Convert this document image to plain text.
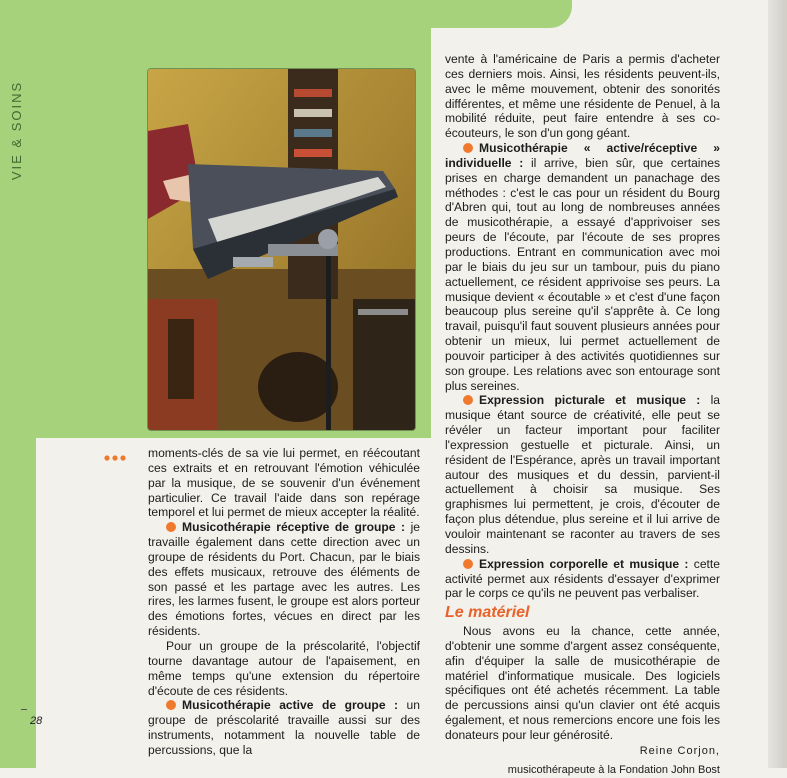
VIE & SOINS

moments-clés de sa vie lui permet, en réécoutant ces extraits et en retrouvant l'émotion véhiculée par la musique, de se souvenir d'un événement particulier. Ce travail l'aide dans son repérage temporel et lui permet de mieux accepter la réalité.

Musicothérapie réceptive de groupe : je travaille également dans cette direction avec un groupe de résidents du Port. Chacun, par le biais des effets musicaux, retrouve des éléments de son passé et les partage avec les autres. Les rires, les larmes fusent, le groupe est alors porteur des émotions fortes, vécues en direct par les résidents.

Pour un groupe de la préscolarité, l'objectif tourne davantage autour de l'apaisement, en même temps qu'une extension du répertoire d'écoute de ces résidents.

Musicothérapie active de groupe : un groupe de préscolarité travaille aussi sur des instruments, notamment la nouvelle table de percussions, que la

vente à l'américaine de Paris a permis d'acheter ces derniers mois. Ainsi, les résidents peuvent-ils, avec le même mouvement, obtenir des sonorités différentes, et même une résidente de Penuel, à la mobilité réduite, peut faire entendre à ses co-écouteurs, le son d'un gong géant.

Musicothérapie « active/réceptive » individuelle : il arrive, bien sûr, que certaines prises en charge demandent un panachage des méthodes : c'est le cas pour un résident du Bourg d'Abren qui, tout au long de nombreuses années de musicothérapie, a essayé d'apprivoiser ses peurs de l'écoute, par l'écoute de ses propres productions. Entrant en communication avec moi par le biais du jeu sur un tambour, puis du piano actuellement, ce résident apprivoise ses peurs. La musique devient « écoutable » et c'est d'une façon beaucoup plus sereine qu'il s'apprête à. Ce long travail, puisqu'il faut souvent plusieurs années pour obtenir un mieux, lui permet actuellement de pouvoir participer à des activités quotidiennes sur son groupe. Les relations avec son entourage sont plus sereines.

Expression picturale et musique : la musique étant source de créativité, elle peut se révéler un facteur important pour faciliter l'expression gestuelle et picturale. Ainsi, un résident de l'Espérance, après un travail important autour des musiques et du dessin, parvient-il actuellement à choisir sa musique. Ses graphismes lui permettent, je crois, d'écouter de façon plus détendue, plus sereine et il lui arrive de vouloir maintenant se raconter au travers de ses dessins.

Expression corporelle et musique : cette activité permet aux résidents d'essayer d'exprimer par le corps ce qu'ils ne peuvent pas verbaliser.

Le matériel

Nous avons eu la chance, cette année, d'obtenir une somme d'argent assez conséquente, afin d'équiper la salle de musicothérapie de matériel d'informatique musicale. Des logiciels spécifiques ont été achetés récemment. La table de percussions ainsi qu'un clavier ont été acquis également, et nous remercions encore une fois les donateurs pour leur générosité.

Reine Corjon,
musicothérapeute à la Fondation John Bost
28
